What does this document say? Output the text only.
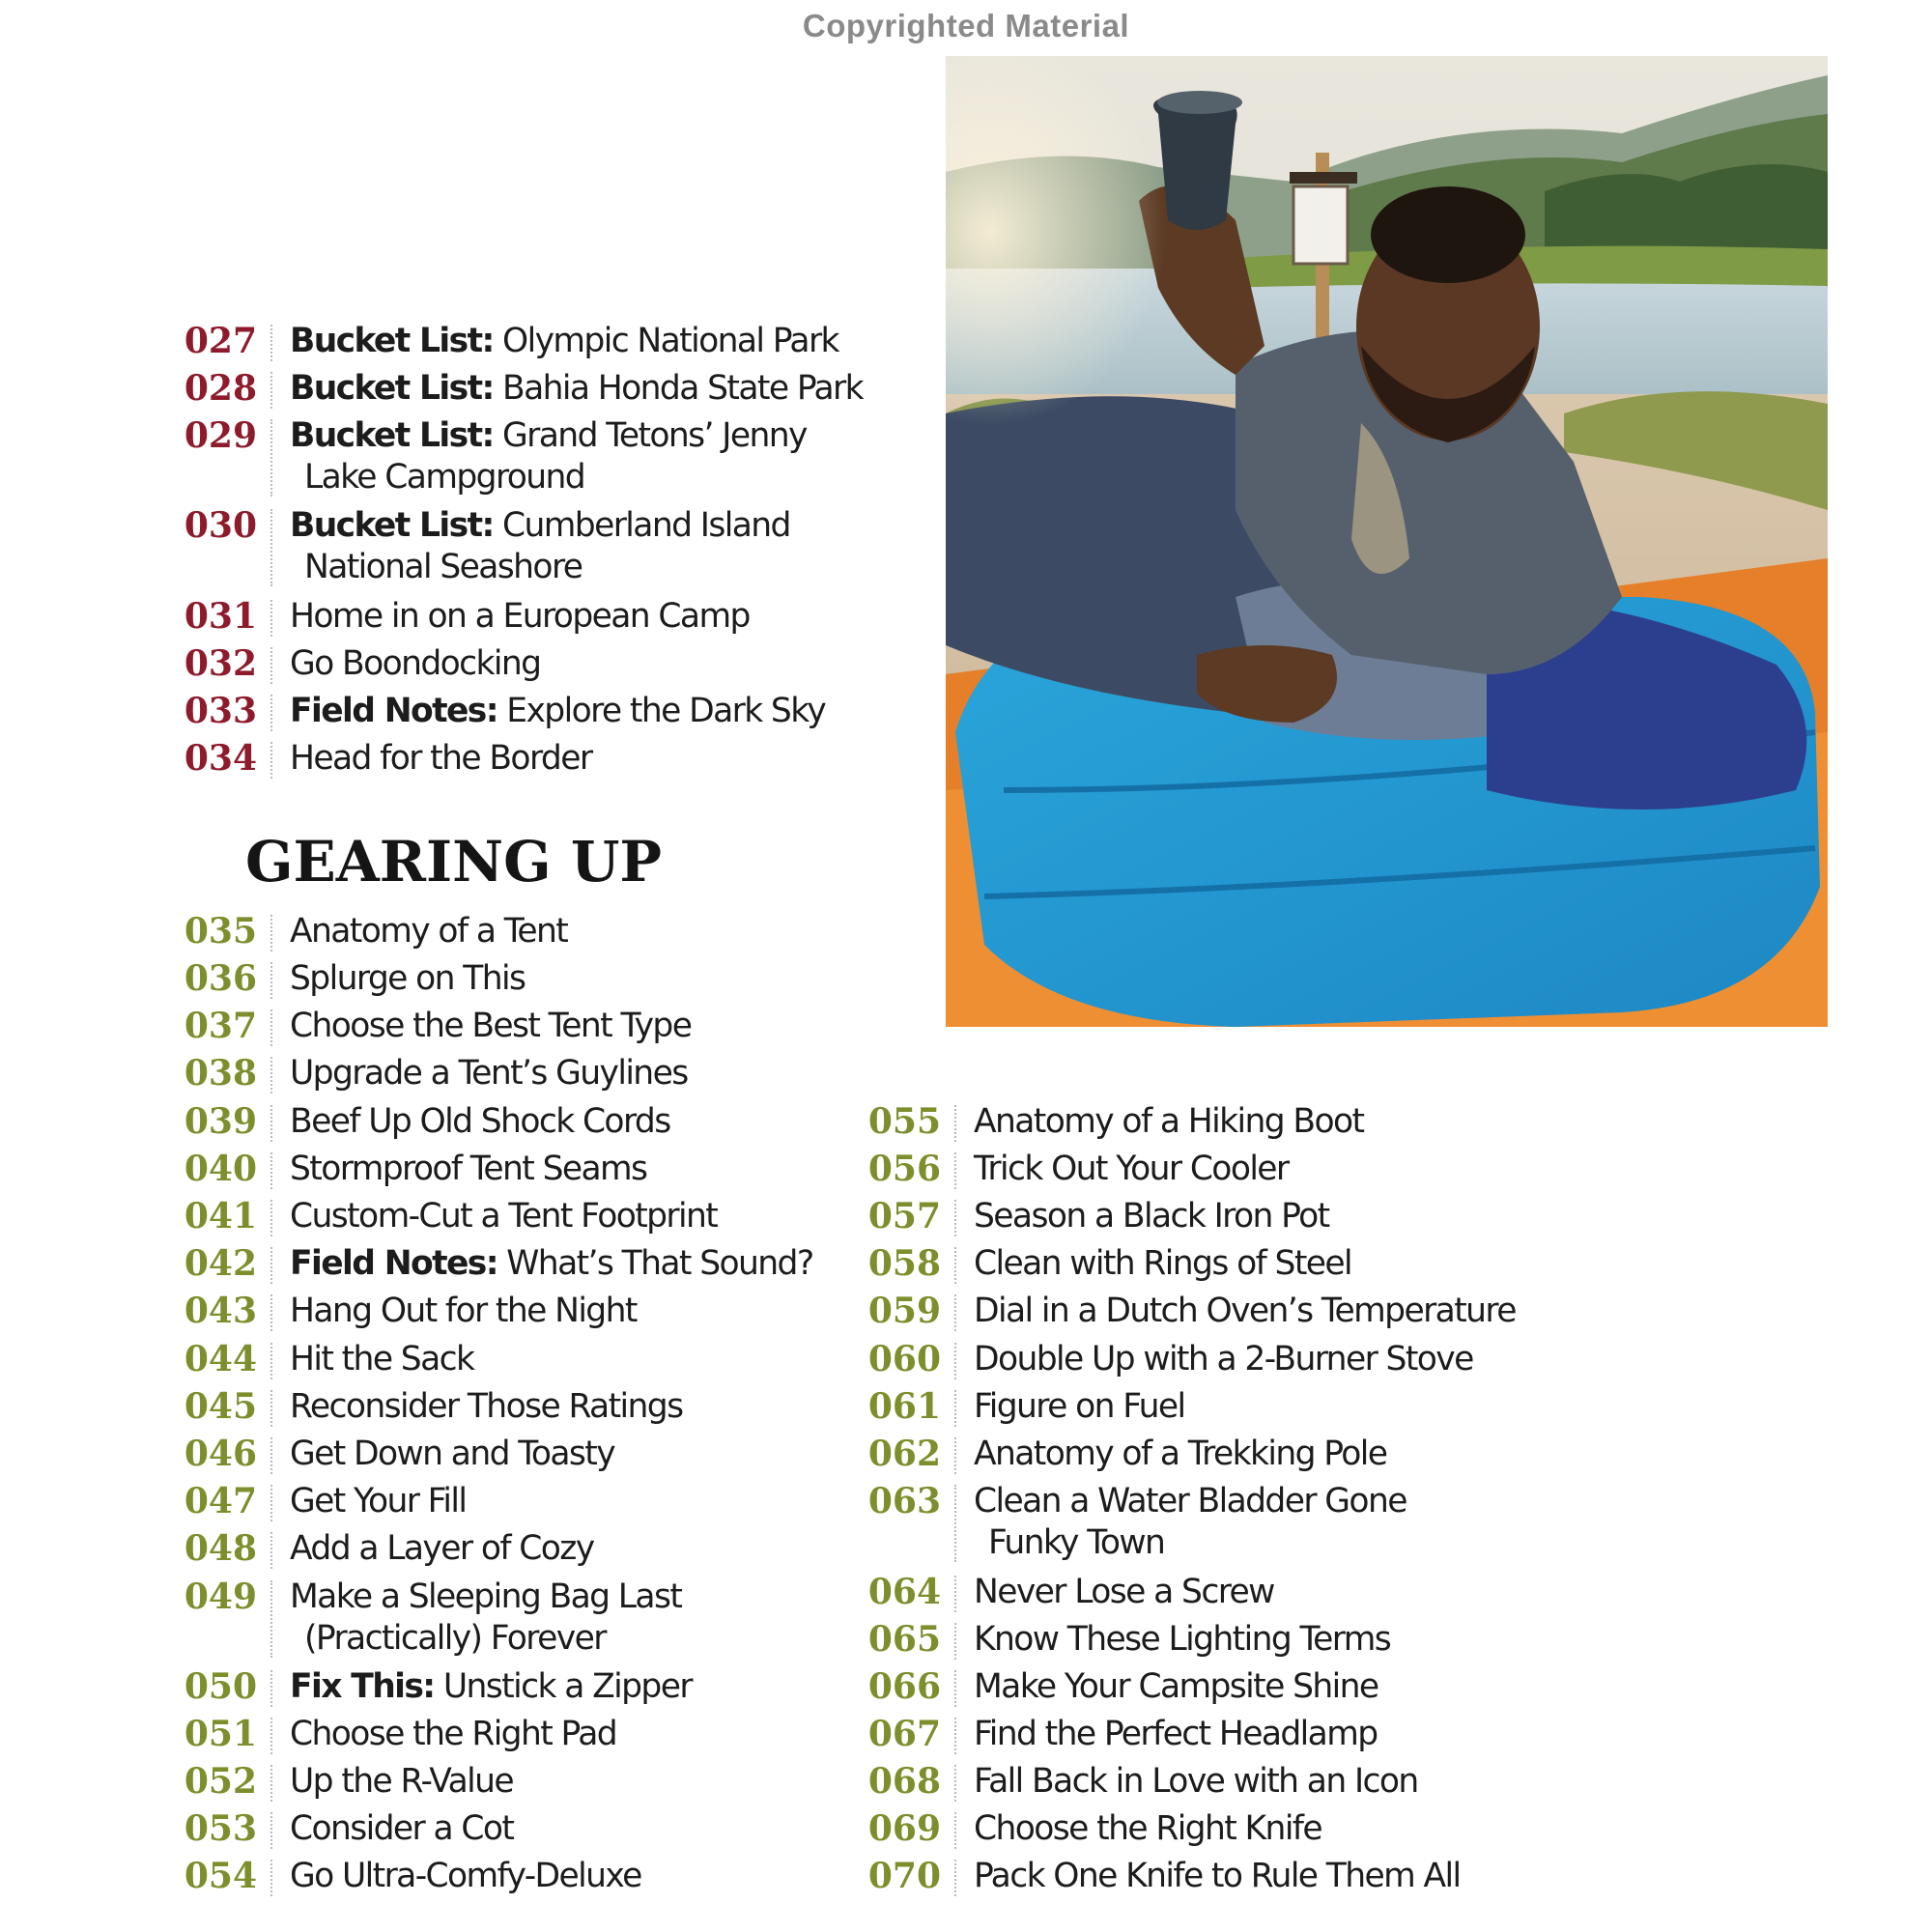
Copyrighted Material
027 Bucket List: Olympic National Park
028 Bucket List: Bahia Honda State Park
029 Bucket List: Grand Tetons’ Jenny
Lake Campground
030 Bucket List: Cumberland Island
National Seashore
031 Home in on a European Camp
032 Go Boondocking
033 Field Notes: Explore the Dark Sky
034 Head for the Border
GEARING UP
035 Anatomy of a Tent
036 Splurge on This
037 Choose the Best Tent Type
038 Upgrade a Tent’s Guylines
039 Beef Up Old Shock Cords
040 Stormproof Tent Seams
041 Custom-Cut a Tent Footprint
042 Field Notes: What’s That Sound?
043 Hang Out for the Night
044 Hit the Sack
045 Reconsider Those Ratings
046 Get Down and Toasty
047 Get Your Fill
048 Add a Layer of Cozy
049 Make a Sleeping Bag Last
(Practically) Forever
050 Fix This: Unstick a Zipper
051 Choose the Right Pad
052 Up the R-Value
053 Consider a Cot
054 Go Ultra-Comfy-Deluxe
055 Anatomy of a Hiking Boot
056 Trick Out Your Cooler
057 Season a Black Iron Pot
058 Clean with Rings of Steel
059 Dial in a Dutch Oven’s Temperature
060 Double Up with a 2-Burner Stove
061 Figure on Fuel
062 Anatomy of a Trekking Pole
063 Clean a Water Bladder Gone
Funky Town
064 Never Lose a Screw
065 Know These Lighting Terms
066 Make Your Campsite Shine
067 Find the Perfect Headlamp
068 Fall Back in Love with an Icon
069 Choose the Right Knife
070 Pack One Knife to Rule Them All
